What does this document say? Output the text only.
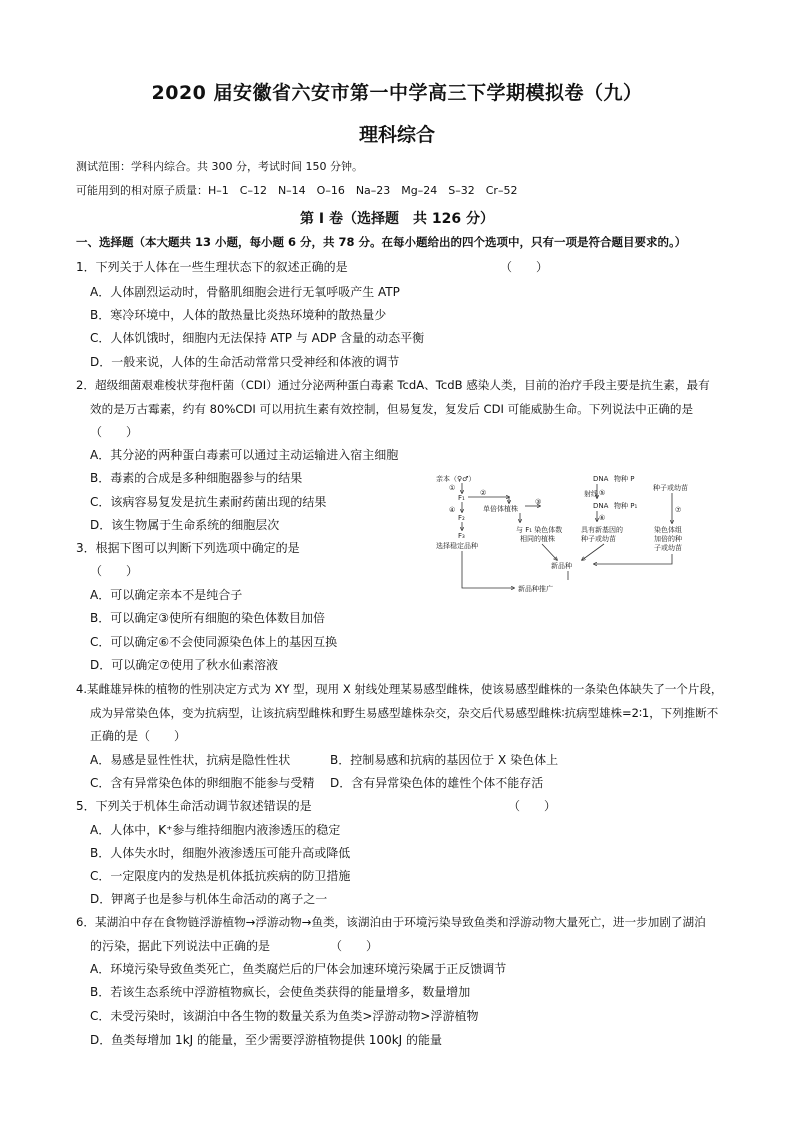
2020 届安徽省六安市第一中学高三下学期模拟卷（九）
理科综合
测试范围：学科内综合。共 300 分，考试时间 150 分钟。
可能用到的相对原子质量：H–1　C–12　N–14　O–16　Na–23　Mg–24　S–32　Cr–52
第 I 卷（选择题　共 126 分）
一、选择题（本大题共 13 小题，每小题 6 分，共 78 分。在每小题给出的四个选项中，只有一项是符合题目要求的。）
1．下列关于人体在一些生理状态下的叙述正确的是	（　　）
A．人体剧烈运动时，骨骼肌细胞会进行无氧呼吸产生 ATP
B．寒冷环境中，人体的散热量比炎热环境种的散热量少
C．人体饥饿时，细胞内无法保持 ATP 与 ADP 含量的动态平衡
D．一般来说，人体的生命活动常常只受神经和体液的调节
2．超级细菌艰难梭状芽孢杆菌（CDI）通过分泌两种蛋白毒素 TcdA、TcdB 感染人类，目前的治疗手段主要是抗生素，最有
效的是万古霉素，约有 80%CDI 可以用抗生素有效控制，但易复发，复发后 CDI 可能威胁生命。下列说法中正确的是
（　　）
A．其分泌的两种蛋白毒素可以通过主动运输进入宿主细胞
B．毒素的合成是多种细胞器参与的结果
C．该病容易复发是抗生素耐药菌出现的结果
D．该生物属于生命系统的细胞层次
3．根据下图可以判断下列选项中确定的是
（　　）
A．可以确定亲本不是纯合子
B．可以确定③使所有细胞的染色体数目加倍
C．可以确定⑥不会使同源染色体上的基因互换
D．可以确定⑦使用了秋水仙素溶液
亲本（♀♂）
①
F₁
②
单倍体植株
③
与 F₁ 染色体数
相同的植株
④
F₂
F₃
选择稳定品种
DNA 物种 P
射线 ⑤
DNA 物种 P₁
⑥
具有新基因的
种子或幼苗
种子或幼苗
⑦
染色体组
加倍的种
子或幼苗
新品种
新品种推广
4.某雌雄异株的植物的性别决定方式为 XY 型，现用 X 射线处理某易感型雌株，使该易感型雌株的一条染色体缺失了一个片段，
成为异常染色体，变为抗病型，让该抗病型雌株和野生易感型雄株杂交，杂交后代易感型雌株∶抗病型雄株=2∶1，下列推断不
正确的是（　　）
A．易感是显性性状，抗病是隐性性状	B．控制易感和抗病的基因位于 X 染色体上
C．含有异常染色体的卵细胞不能参与受精 D．含有异常染色体的雄性个体不能存活
5．下列关于机体生命活动调节叙述错误的是	（　　）
A．人体中，K⁺参与维持细胞内液渗透压的稳定
B．人体失水时，细胞外液渗透压可能升高或降低
C．一定限度内的发热是机体抵抗疾病的防卫措施
D．钾离子也是参与机体生命活动的离子之一
6．某湖泊中存在食物链浮游植物→浮游动物→鱼类，该湖泊由于环境污染导致鱼类和浮游动物大量死亡，进一步加剧了湖泊
的污染，据此下列说法中正确的是	（　　）
A．环境污染导致鱼类死亡，鱼类腐烂后的尸体会加速环境污染属于正反馈调节
B．若该生态系统中浮游植物疯长，会使鱼类获得的能量增多，数量增加
C．未受污染时，该湖泊中各生物的数量关系为鱼类>浮游动物>浮游植物
D．鱼类每增加 1kJ 的能量，至少需要浮游植物提供 100kJ 的能量
